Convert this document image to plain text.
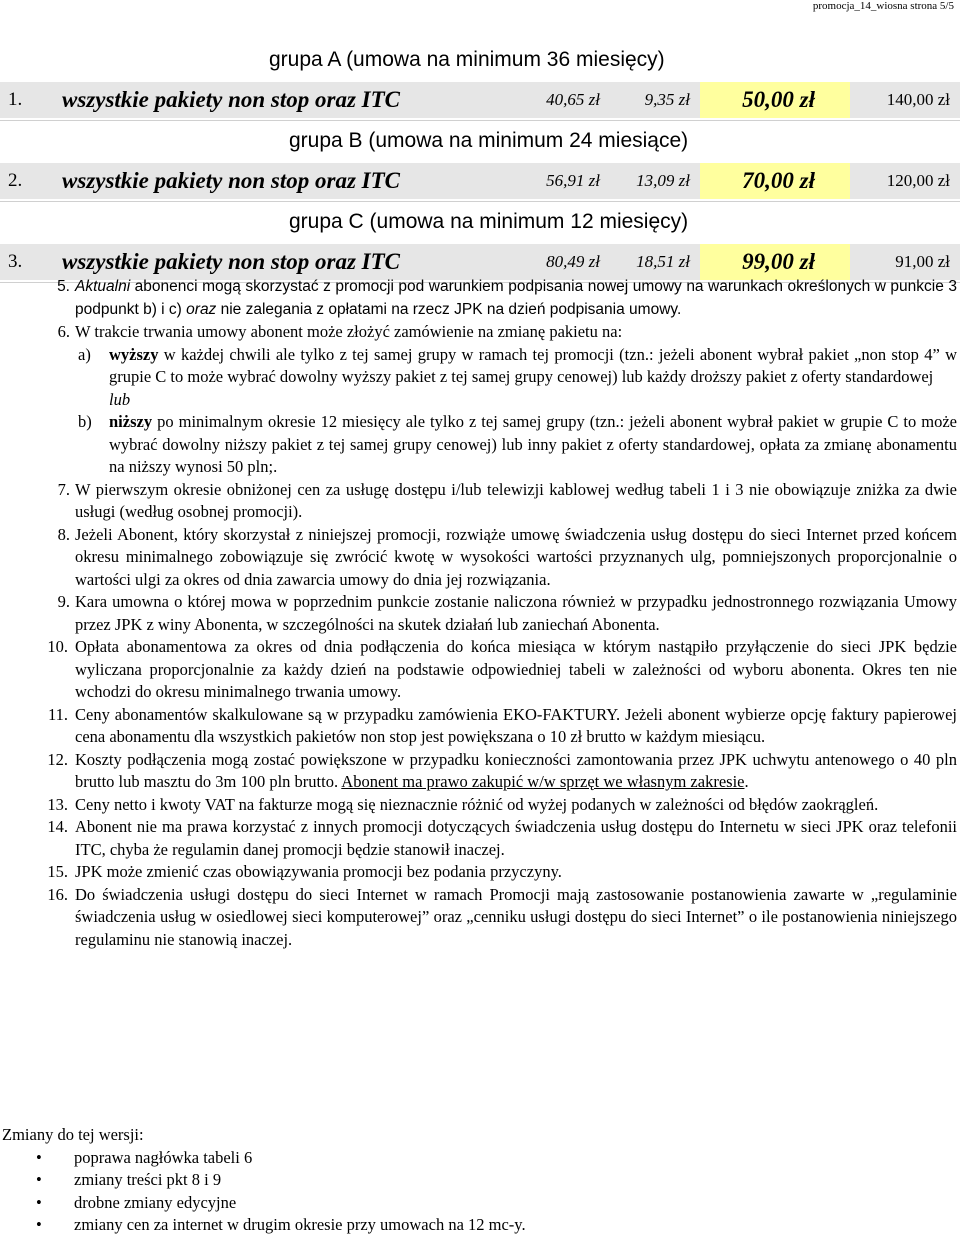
promocja_14_wiosna strona 5/5
grupa A (umowa na minimum 36 miesięcy)
1. wszystkie pakiety non stop oraz ITC	40,65 zł	9,35 zł	50,00 zł	140,00 zł
grupa B (umowa na minimum 24 miesiące)
2. wszystkie pakiety non stop oraz ITC	56,91 zł	13,09 zł	70,00 zł	120,00 zł
grupa C (umowa na minimum 12 miesięcy)
3. wszystkie pakiety non stop oraz ITC	80,49 zł	18,51 zł	99,00 zł	91,00 zł
5. Aktualni abonenci mogą skorzystać z promocji pod warunkiem podpisania nowej umowy na warunkach określonych w punkcie 3 podpunkt b) i c) oraz nie zalegania z opłatami na rzecz JPK na dzień podpisania umowy.
6. W trakcie trwania umowy abonent może złożyć zamówienie na zmianę pakietu na:
a) wyższy w każdej chwili ale tylko z tej samej grupy w ramach tej promocji (tzn.: jeżeli abonent wybrał pakiet „non stop 4” w grupie C to może wybrać dowolny wyższy pakiet z tej samej grupy cenowej) lub każdy droższy pakiet z oferty standardowej
lub
b) niższy po minimalnym okresie 12 miesięcy ale tylko z tej samej grupy (tzn.: jeżeli abonent wybrał pakiet w grupie C to może wybrać dowolny niższy pakiet z tej samej grupy cenowej) lub inny pakiet z oferty standardowej, opłata za zmianę abonamentu na niższy wynosi 50 pln;.
7. W pierwszym okresie obniżonej cen za usługę dostępu i/lub telewizji kablowej według tabeli 1 i 3 nie obowiązuje zniżka za dwie usługi (według osobnej promocji).
8. Jeżeli Abonent, który skorzystał z niniejszej promocji, rozwiąże umowę świadczenia usług dostępu do sieci Internet przed końcem okresu minimalnego zobowiązuje się zwrócić kwotę w wysokości wartości przyznanych ulg, pomniejszonych proporcjonalnie o wartości ulgi za okres od dnia zawarcia umowy do dnia jej rozwiązania.
9. Kara umowna o której mowa w poprzednim punkcie zostanie naliczona również w przypadku jednostronnego rozwiązania Umowy przez JPK z winy Abonenta, w szczególności na skutek działań lub zaniechań Abonenta.
10. Opłata abonamentowa za okres od dnia podłączenia do końca miesiąca w którym nastąpiło przyłączenie do sieci JPK będzie wyliczana proporcjonalnie za każdy dzień na podstawie odpowiedniej tabeli w zależności od wyboru abonenta. Okres ten nie wchodzi do okresu minimalnego trwania umowy.
11. Ceny abonamentów skalkulowane są w przypadku zamówienia EKO-FAKTURY. Jeżeli abonent wybierze opcję faktury papierowej cena abonamentu dla wszystkich pakietów non stop jest powiększana o 10 zł brutto w każdym miesiącu.
12. Koszty podłączenia mogą zostać powiększone w przypadku konieczności zamontowania przez JPK uchwytu antenowego o 40 pln brutto lub masztu do 3m 100 pln brutto. Abonent ma prawo zakupić w/w sprzęt we własnym zakresie.
13. Ceny netto i kwoty VAT na fakturze mogą się nieznacznie różnić od wyżej podanych w zależności od błędów zaokrągleń.
14. Abonent nie ma prawa korzystać z innych promocji dotyczących świadczenia usług dostępu do Internetu w sieci JPK oraz telefonii ITC, chyba że regulamin danej promocji będzie stanowił inaczej.
15. JPK może zmienić czas obowiązywania promocji bez podania przyczyny.
16. Do świadczenia usługi dostępu do sieci Internet w ramach Promocji mają zastosowanie postanowienia zawarte w „regulaminie świadczenia usług w osiedlowej sieci komputerowej” oraz „cenniku usługi dostępu do sieci Internet” o ile postanowienia niniejszego regulaminu nie stanowią inaczej.
Zmiany do tej wersji:
• poprawa nagłówka tabeli 6
• zmiany treści pkt 8 i 9
• drobne zmiany edycyjne
• zmiany cen za internet w drugim okresie przy umowach na 12 mc-y.
